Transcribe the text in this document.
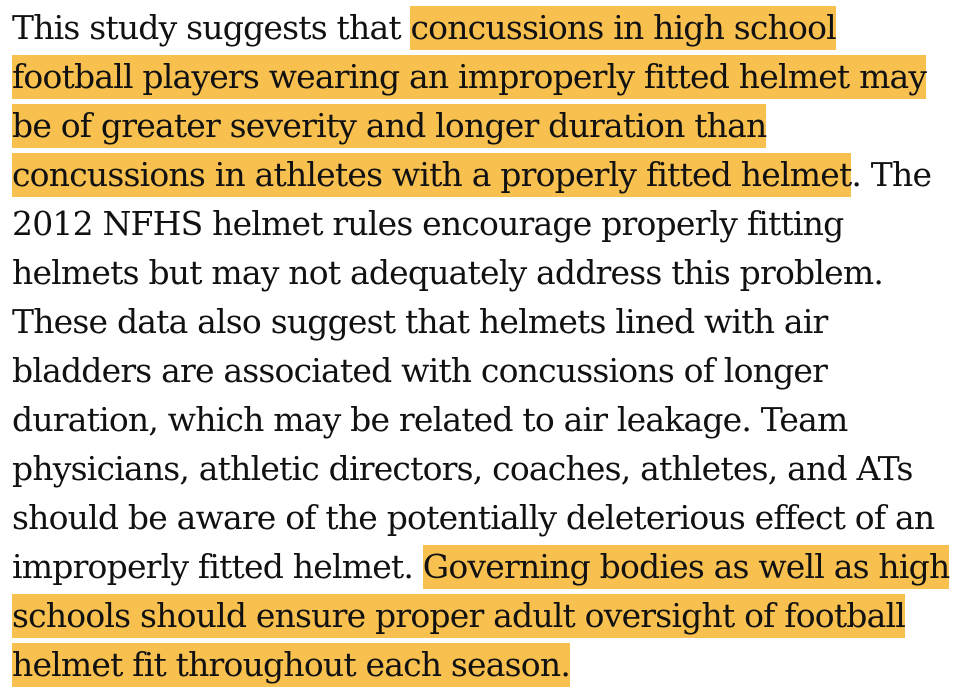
This study suggests that concussions in high school football players wearing an improperly fitted helmet may be of greater severity and longer duration than concussions in athletes with a properly fitted helmet. The 2012 NFHS helmet rules encourage properly fitting helmets but may not adequately address this problem. These data also suggest that helmets lined with air bladders are associated with concussions of longer duration, which may be related to air leakage. Team physicians, athletic directors, coaches, athletes, and ATs should be aware of the potentially deleterious effect of an improperly fitted helmet. Governing bodies as well as high schools should ensure proper adult oversight of football helmet fit throughout each season.
